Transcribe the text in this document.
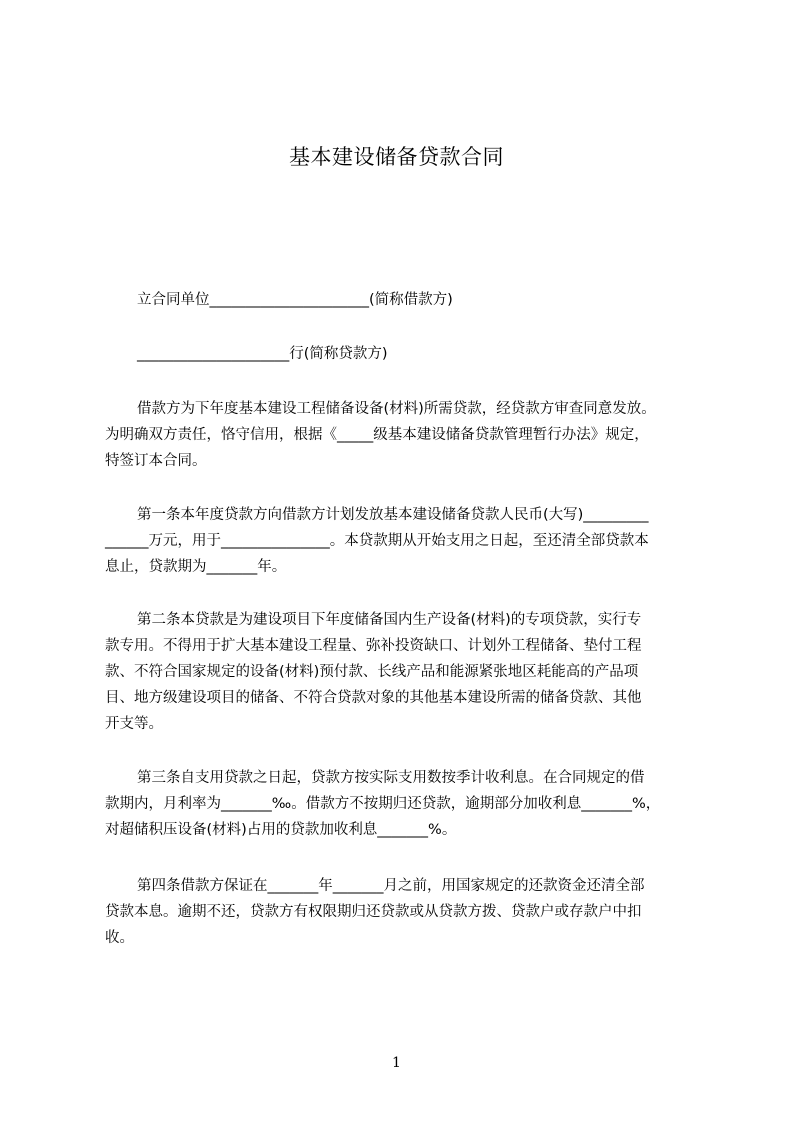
基本建设储备贷款合同
立合同单位______________________(简称借款方)
_____________________行(简称贷款方)
借款方为下年度基本建设工程储备设备(材料)所需贷款，经贷款方审查同意发放。
为明确双方责任，恪守信用，根据《_____级基本建设储备贷款管理暂行办法》规定，
特签订本合同。
第一条本年度贷款方向借款方计划发放基本建设储备贷款人民币(大写)_________
______万元，用于_______________。本贷款期从开始支用之日起，至还清全部贷款本
息止，贷款期为_______年。
第二条本贷款是为建设项目下年度储备国内生产设备(材料)的专项贷款，实行专
款专用。不得用于扩大基本建设工程量、弥补投资缺口、计划外工程储备、垫付工程
款、不符合国家规定的设备(材料)预付款、长线产品和能源紧张地区耗能高的产品项
目、地方级建设项目的储备、不符合贷款对象的其他基本建设所需的储备贷款、其他
开支等。
第三条自支用贷款之日起，贷款方按实际支用数按季计收利息。在合同规定的借
款期内，月利率为_______‰。借款方不按期归还贷款，逾期部分加收利息_______%，
对超储积压设备(材料)占用的贷款加收利息_______%。
第四条借款方保证在_______年_______月之前，用国家规定的还款资金还清全部
贷款本息。逾期不还，贷款方有权限期归还贷款或从贷款方拨、贷款户或存款户中扣
收。
1
